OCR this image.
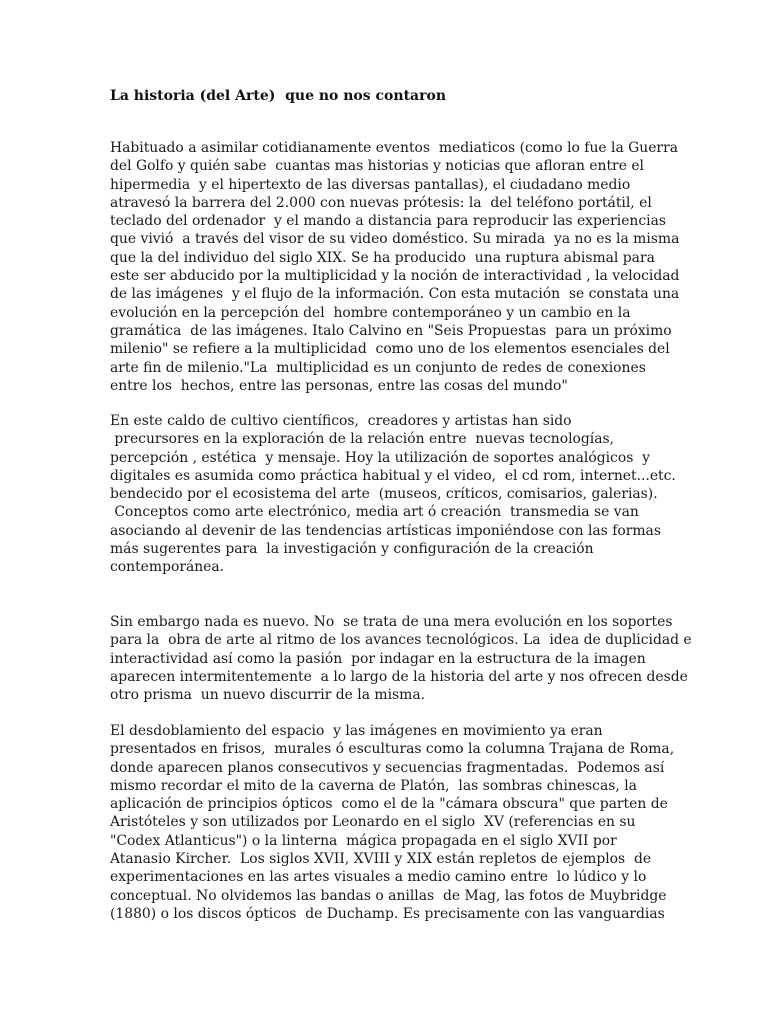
La historia (del Arte)  que no nos contaron

Habituado a asimilar cotidianamente eventos  mediaticos (como lo fue la Guerra
del Golfo y quién sabe  cuantas mas historias y noticias que afloran entre el
hipermedia  y el hipertexto de las diversas pantallas), el ciudadano medio
atravesó la barrera del 2.000 con nuevas prótesis: la  del teléfono portátil, el
teclado del ordenador  y el mando a distancia para reproducir las experiencias
que vivió  a través del visor de su video doméstico. Su mirada  ya no es la misma
que la del individuo del siglo XIX. Se ha producido  una ruptura abismal para
este ser abducido por la multiplicidad y la noción de interactividad , la velocidad
de las imágenes  y el flujo de la información. Con esta mutación  se constata una
evolución en la percepción del  hombre contemporáneo y un cambio en la
gramática  de las imágenes. Italo Calvino en "Seis Propuestas  para un próximo
milenio" se refiere a la multiplicidad  como uno de los elementos esenciales del
arte fin de milenio."La  multiplicidad es un conjunto de redes de conexiones
entre los  hechos, entre las personas, entre las cosas del mundo"

En este caldo de cultivo científicos,  creadores y artistas han sido
precursores en la exploración de la relación entre  nuevas tecnologías,
percepción , estética  y mensaje. Hoy la utilización de soportes analógicos  y
digitales es asumida como práctica habitual y el video,  el cd rom, internet...etc.
bendecido por el ecosistema del arte  (museos, críticos, comisarios, galerias).
Conceptos como arte electrónico, media art ó creación  transmedia se van
asociando al devenir de las tendencias artísticas imponiéndose con las formas
más sugerentes para  la investigación y configuración de la creación
contemporánea.

Sin embargo nada es nuevo. No  se trata de una mera evolución en los soportes
para la  obra de arte al ritmo de los avances tecnológicos. La  idea de duplicidad e
interactividad así como la pasión  por indagar en la estructura de la imagen
aparecen intermitentemente  a lo largo de la historia del arte y nos ofrecen desde
otro prisma  un nuevo discurrir de la misma.

El desdoblamiento del espacio  y las imágenes en movimiento ya eran
presentados en frisos,  murales ó esculturas como la columna Trajana de Roma,
donde aparecen planos consecutivos y secuencias fragmentadas.  Podemos así
mismo recordar el mito de la caverna de Platón,  las sombras chinescas, la
aplicación de principios ópticos  como el de la "cámara obscura" que parten de
Aristóteles y son utilizados por Leonardo en el siglo  XV (referencias en su
"Codex Atlanticus") o la linterna  mágica propagada en el siglo XVII por
Atanasio Kircher.  Los siglos XVII, XVIII y XIX están repletos de ejemplos  de
experimentaciones en las artes visuales a medio camino entre  lo lúdico y lo
conceptual. No olvidemos las bandas o anillas  de Mag, las fotos de Muybridge
(1880) o los discos ópticos  de Duchamp. Es precisamente con las vanguardias
